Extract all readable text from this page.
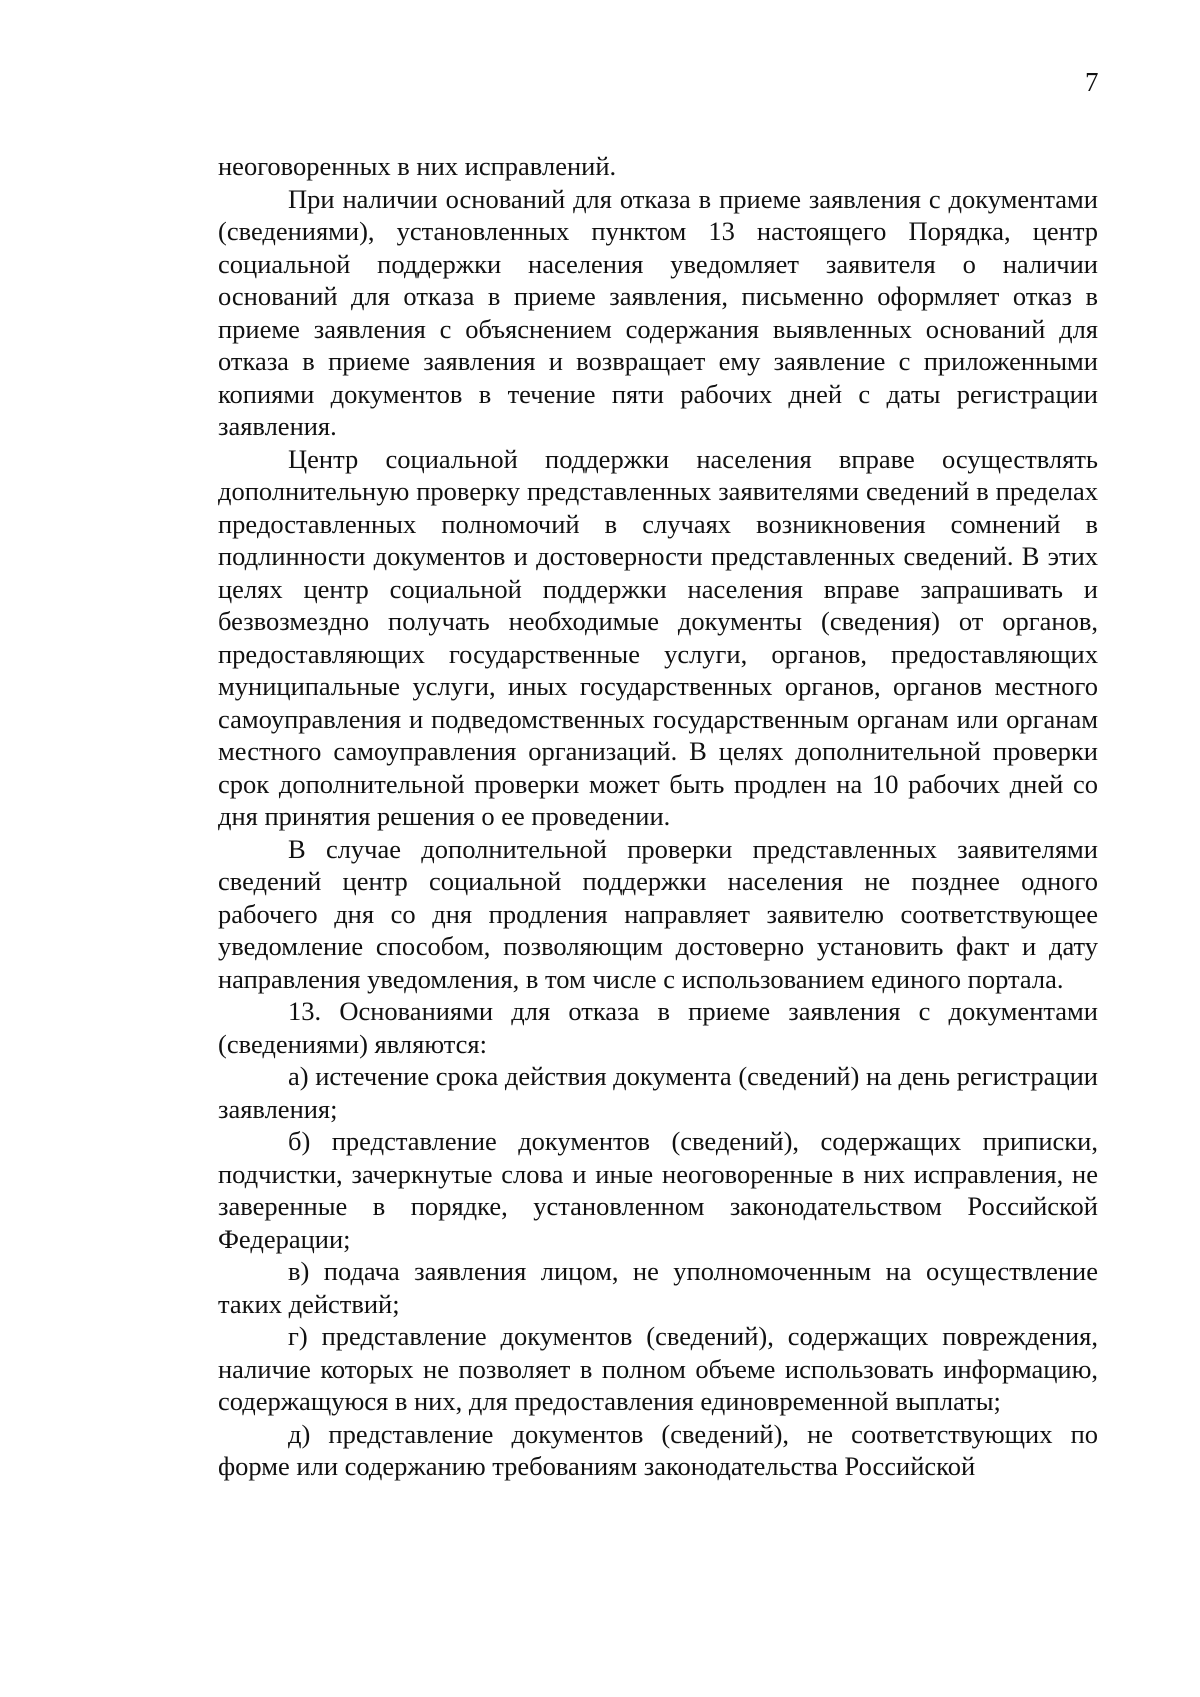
7

неоговоренных в них исправлений.

При наличии оснований для отказа в приеме заявления с документами (сведениями), установленных пунктом 13 настоящего Порядка, центр социальной поддержки населения уведомляет заявителя о наличии оснований для отказа в приеме заявления, письменно оформляет отказ в приеме заявления с объяснением содержания выявленных оснований для отказа в приеме заявления и возвращает ему заявление с приложенными копиями документов в течение пяти рабочих дней с даты регистрации заявления.

Центр социальной поддержки населения вправе осуществлять дополнительную проверку представленных заявителями сведений в пределах предоставленных полномочий в случаях возникновения сомнений в подлинности документов и достоверности представленных сведений. В этих целях центр социальной поддержки населения вправе запрашивать и безвозмездно получать необходимые документы (сведения) от органов, предоставляющих государственные услуги, органов, предоставляющих муниципальные услуги, иных государственных органов, органов местного самоуправления и подведомственных государственным органам или органам местного самоуправления организаций. В целях дополнительной проверки срок дополнительной проверки может быть продлен на 10 рабочих дней со дня принятия решения о ее проведении.

В случае дополнительной проверки представленных заявителями сведений центр социальной поддержки населения не позднее одного рабочего дня со дня продления направляет заявителю соответствующее уведомление способом, позволяющим достоверно установить факт и дату направления уведомления, в том числе с использованием единого портала.

13. Основаниями для отказа в приеме заявления с документами (сведениями) являются:

а) истечение срока действия документа (сведений) на день регистрации заявления;

б) представление документов (сведений), содержащих приписки, подчистки, зачеркнутые слова и иные неоговоренные в них исправления, не заверенные в порядке, установленном законодательством Российской Федерации;

в) подача заявления лицом, не уполномоченным на осуществление таких действий;

г) представление документов (сведений), содержащих повреждения, наличие которых не позволяет в полном объеме использовать информацию, содержащуюся в них, для предоставления единовременной выплаты;

д) представление документов (сведений), не соответствующих по форме или содержанию требованиям законодательства Российской
